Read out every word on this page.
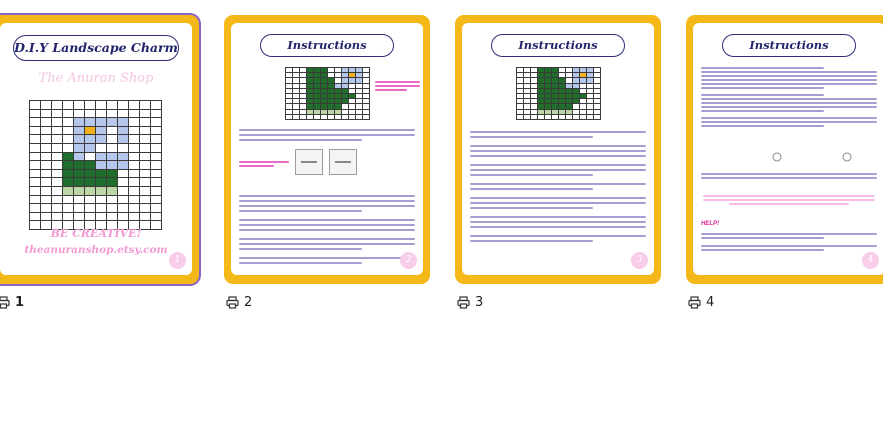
D.I.Y Landscape Charm
The Anuran Shop
BE CREATIVE!
theanuranshop.etsy.com
1
Instructions
2
Instructions
3
Instructions
HELP!
4
1	2	3	4
